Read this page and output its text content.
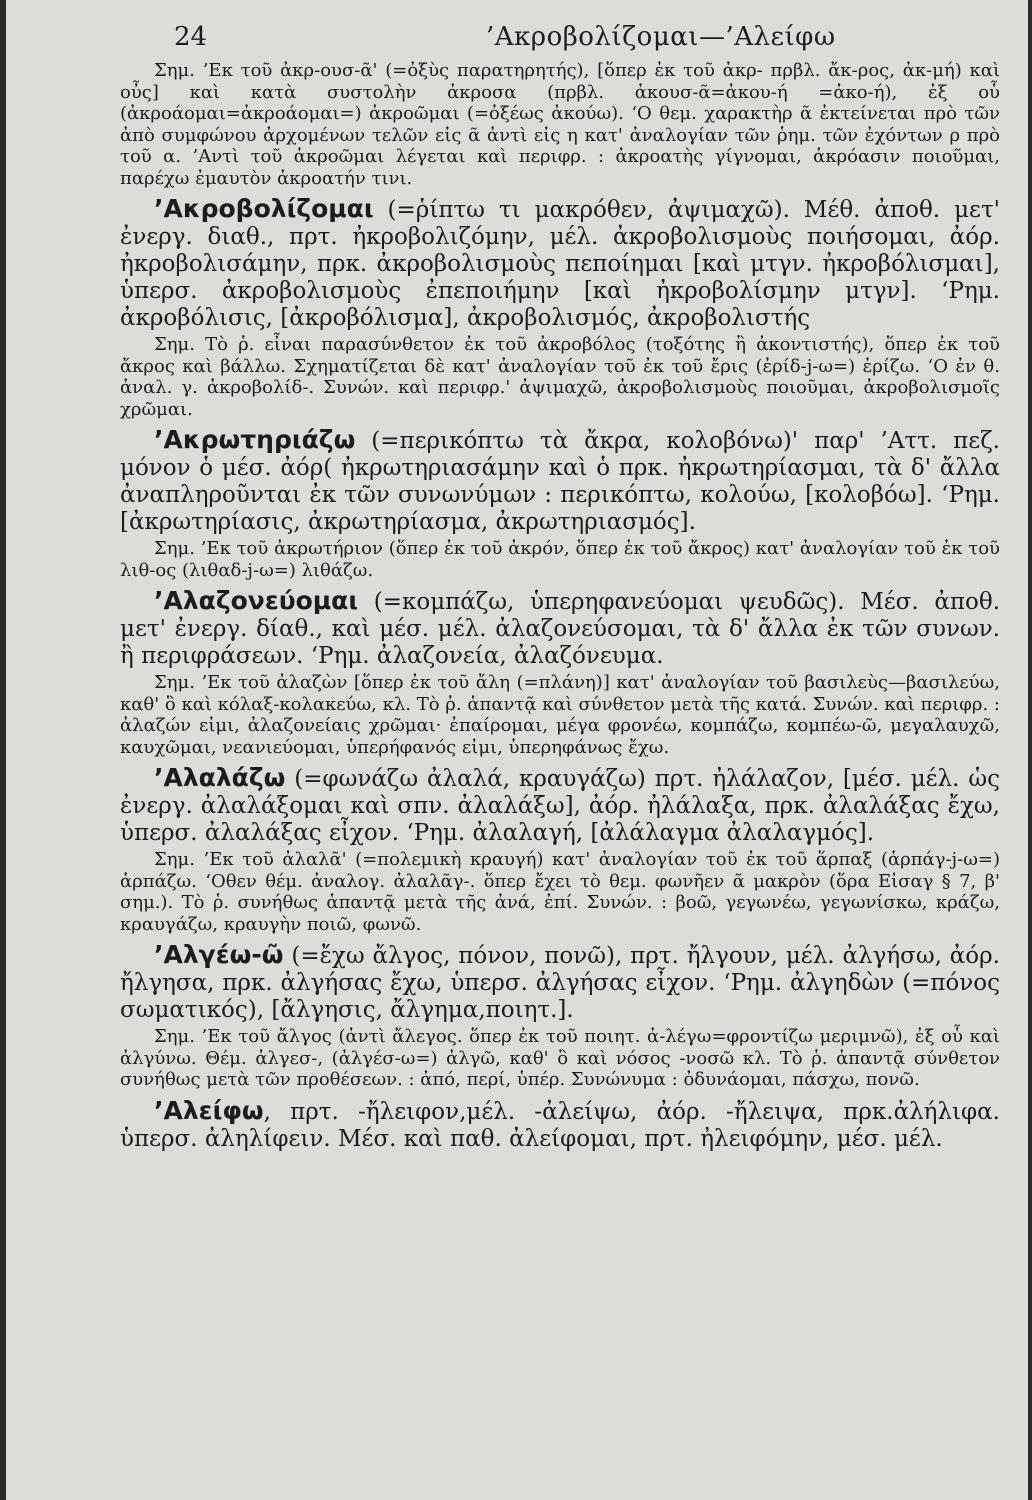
24	’Ακροβολίζομαι—’Αλείφω

Σημ. ’Εκ τοῦ ἀκρ-ουσ-ᾶ' (=ὀξὺς παρατηρητής), [ὅπερ ἐκ τοῦ ἀκρ- πρβλ. ἄκ-ρος, ἀκ-μή) καὶ οὖς] καὶ κατὰ συστολὴν ἀκροσα (πρβλ. ἀκουσ-ᾶ=ἀκου-ή =ἀκο-ή), ἐξ οὗ (ἀκροάομαι=ἀκροάομαι=) ἀκροῶμαι (=ὀξέως ἀκούω). ‘Ο θεμ. χαρακτὴρ ᾶ ἐκτείνεται πρὸ τῶν ἀπὸ συμφώνου ἀρχομένων τελῶν εἰς ᾶ ἀντὶ εἰς η κατ' ἀναλογίαν τῶν ῥημ. τῶν ἐχόντων ρ πρὸ τοῦ α. ’Αντὶ τοῦ ἀκροῶμαι λέγεται καὶ περιφρ. : ἀκροατὴς γίγνομαι, ἀκρόασιν ποιοῦμαι, παρέχω ἐμαυτὸν ἀκροατήν τινι.

’Ακροβολίζομαι (=ῥίπτω τι μακρόθεν, ἀψιμαχῶ). Μέθ. ἀποθ. μετ' ἐνεργ. διαθ., πρτ. ἠκροβολιζόμην, μέλ. ἀκροβολισμοὺς ποιήσομαι, ἀόρ. ἠκροβολισάμην, πρκ. ἀκροβολισμοὺς πεποίημαι [καὶ μτγν. ἠκροβόλισμαι], ὑπερσ. ἀκροβολισμοὺς ἐπεποιήμην [καὶ ἠκροβολίσμην μτγν]. ‘Ρημ. ἀκροβόλισις, [ἀκροβόλισμα], ἀκροβολισμός, ἀκροβολιστής

Σημ. Τὸ ῥ. εἶναι παρασύνθετον ἐκ τοῦ ἀκροβόλος (τοξότης ἢ ἀκοντιστής), ὅπερ ἐκ τοῦ ἄκρος καὶ βάλλω. Σχηματίζεται δὲ κατ' ἀναλογίαν τοῦ ἐκ τοῦ ἔρις (ἐρίδ-j-ω=) ἐρίζω. ‘Ο ἐν θ. ἀναλ. γ. ἀκροβολίδ-. Συνών. καὶ περιφρ.' ἀψιμαχῶ, ἀκροβολισμοὺς ποιοῦμαι, ἀκροβολισμοῖς χρῶμαι.

’Ακρωτηριάζω (=περικόπτω τὰ ἄκρα, κολοβόνω)' παρ' ’Αττ. πεζ. μόνον ὁ μέσ. ἀόρ( ἠκρωτηριασάμην καὶ ὁ πρκ. ἠκρωτηρίασμαι, τὰ δ' ἄλλα ἀναπληροῦνται ἐκ τῶν συνωνύμων : περικόπτω, κολούω, [κολοβόω]. ‘Ρημ. [ἀκρωτηρίασις, ἀκρωτηρίασμα, ἀκρωτηριασμός].

Σημ. ’Εκ τοῦ ἀκρωτήριον (ὅπερ ἐκ τοῦ ἀκρόν, ὅπερ ἐκ τοῦ ἄκρος) κατ' ἀναλογίαν τοῦ ἐκ τοῦ λιθ-ος (λιθαδ-j-ω=) λιθάζω.

’Αλαζονεύομαι (=κομπάζω, ὑπερηφανεύομαι ψευδῶς). Μέσ. ἀποθ. μετ' ἐνεργ. δίαθ., καὶ μέσ. μέλ. ἀλαζονεύσομαι, τὰ δ' ἄλλα ἐκ τῶν συνων. ἢ περιφράσεων. ‘Ρημ. ἀλαζονεία, ἀλαζόνευμα.

Σημ. ’Εκ τοῦ ἀλαζὼν [ὅπερ ἐκ τοῦ ἄλη (=πλάνη)] κατ' ἀναλογίαν τοῦ βασιλεὺς—βασιλεύω, καθ' ὃ καὶ κόλαξ-κολακεύω, κλ. Τὸ ῥ. ἁπαντᾷ καὶ σύνθετον μετὰ τῆς κατά. Συνών. καὶ περιφρ. : ἀλαζών εἰμι, ἀλαζονείαις χρῶμαι· ἐπαίρομαι, μέγα φρονέω, κομπάζω, κομπέω-ῶ, μεγαλαυχῶ, καυχῶμαι, νεανιεύομαι, ὑπερήφανός εἰμι, ὑπερηφάνως ἔχω.

’Αλαλάζω (=φωνάζω ἀλαλά, κραυγάζω) πρτ. ἠλάλαζον, [μέσ. μέλ. ὡς ἐνεργ. ἀλαλάξομαι καὶ σπν. ἀλαλάξω], ἀόρ. ἠλάλαξα, πρκ. ἀλαλάξας ἔχω, ὑπερσ. ἀλαλάξας εἶχον. ‘Ρημ. ἀλαλαγή, [ἀλάλαγμα ἀλαλαγμός].

Σημ. ’Εκ τοῦ ἀλαλᾶ' (=πολεμικὴ κραυγή) κατ' ἀναλογίαν τοῦ ἐκ τοῦ ἅρπαξ (ἁρπάγ-j-ω=) ἁρπάζω. ‘Οθεν θέμ. ἀναλογ. ἀλαλᾶγ-. ὅπερ ἔχει τὸ θεμ. φωνῆεν ᾶ μακρὸν (ὅρα Εἰσαγ § 7, β' σημ.). Τὸ ῥ. συνήθως ἁπαντᾷ μετὰ τῆς ἀνά, ἐπί. Συνών. : βοῶ, γεγωνέω, γεγωνίσκω, κράζω, κραυγάζω, κραυγὴν ποιῶ, φωνῶ.

’Αλγέω-ῶ (=ἔχω ἄλγος, πόνον, πονῶ), πρτ. ἤλγουν, μέλ. ἀλγήσω, ἀόρ. ἤλγησα, πρκ. ἀλγήσας ἔχω, ὑπερσ. ἀλγήσας εἶχον. ‘Ρημ. ἀλγηδὼν (=πόνος σωματικός), [ἄλγησις, ἄλγημα,ποιητ.].

Σημ. ’Εκ τοῦ ἄλγος (ἀντὶ ἄλεγος. ὅπερ ἐκ τοῦ ποιητ. ἀ-λέγω=φροντίζω μεριμνῶ), ἐξ οὗ καὶ ἀλγύνω. Θέμ. ἀλγεσ-, (ἀλγέσ-ω=) ἀλγῶ, καθ' ὃ καὶ νόσος -νοσῶ κλ. Τὸ ῥ. ἀπαντᾷ σύνθετον συνήθως μετὰ τῶν προθέσεων. : ἀπό, περί, ὑπέρ. Συνώνυμα : ὀδυνάομαι, πάσχω, πονῶ.

’Αλείφω, πρτ. -ἤλειφον,μέλ. -ἀλείψω, ἀόρ. -ἤλειψα, πρκ.ἀλήλιφα. ὑπερσ. ἀληλίφειν. Μέσ. καὶ παθ. ἀλείφομαι, πρτ. ἠλειφόμην, μέσ. μέλ.
